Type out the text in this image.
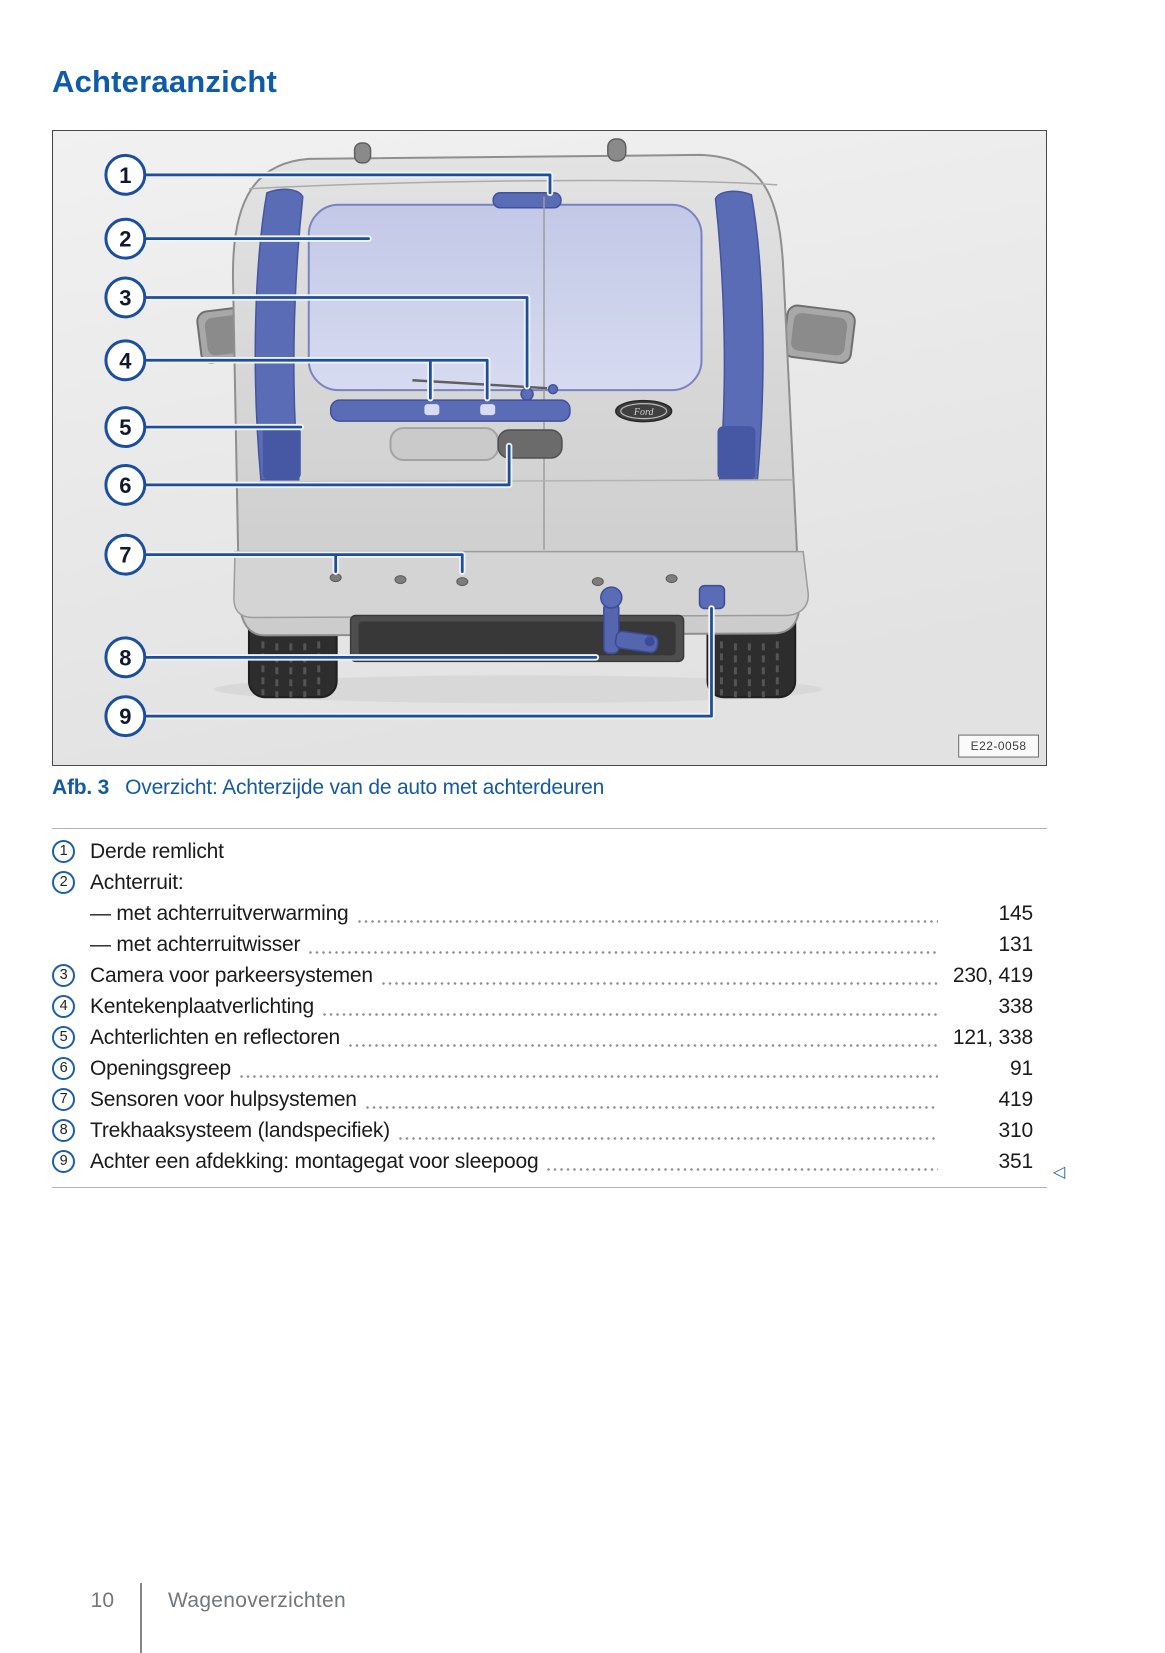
Achteraanzicht
Ford
1
2
3
4
5
6
7
8
9
E22-0058
Afb. 3 Overzicht: Achterzijde van de auto met achterdeuren
1	Derde remlicht
2	Achterruit:
— met achterruitverwarming	145
— met achterruitwisser	131
3	Camera voor parkeersystemen	230, 419
4	Kentekenplaatverlichting	338
5	Achterlichten en reflectoren	121, 338
6	Openingsgreep	91
7	Sensoren voor hulpsystemen	419
8	Trekhaaksysteem (landspecifiek)	310
9	Achter een afdekking: montagegat voor sleepoog	351	◁
10	Wagenoverzichten
